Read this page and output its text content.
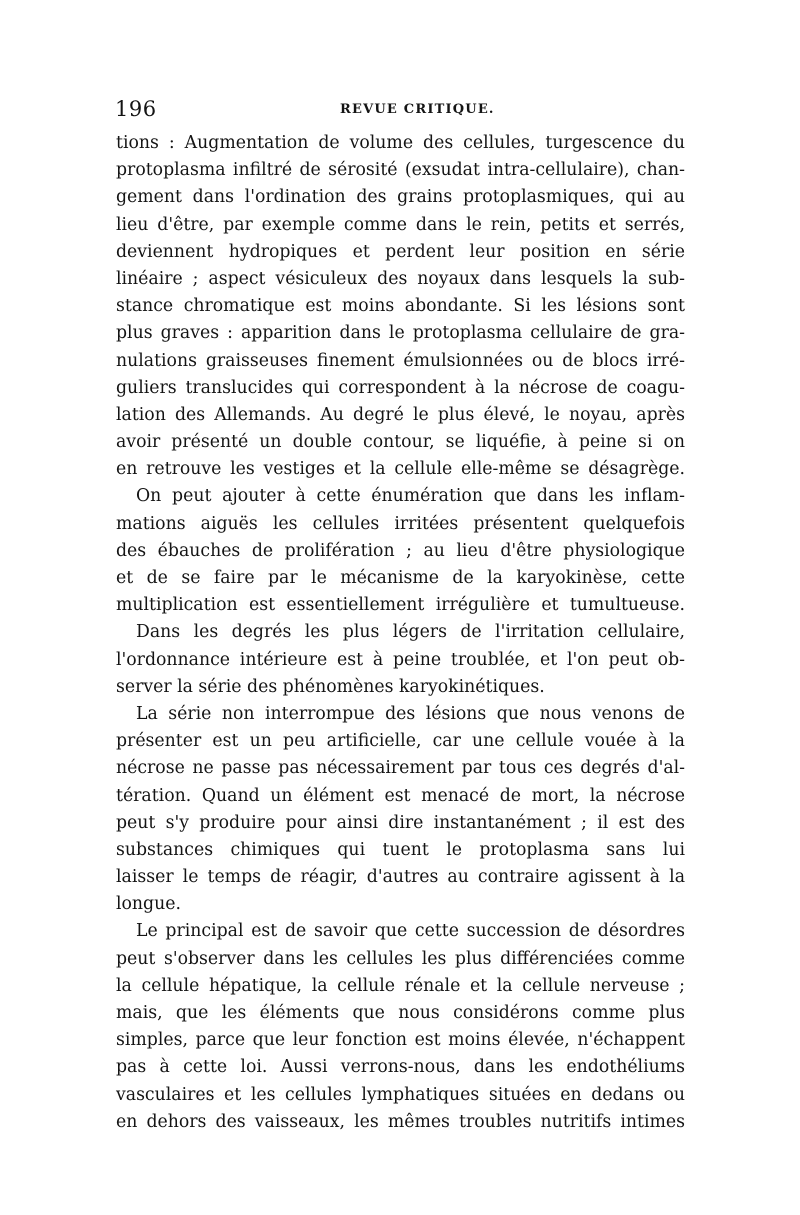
196	REVUE CRITIQUE.
tions : Augmentation de volume des cellules, turgescence du
protoplasma infiltré de sérosité (exsudat intra-cellulaire), chan-
gement dans l'ordination des grains protoplasmiques, qui au
lieu d'être, par exemple comme dans le rein, petits et serrés,
deviennent hydropiques et perdent leur position en série
linéaire ; aspect vésiculeux des noyaux dans lesquels la sub-
stance chromatique est moins abondante. Si les lésions sont
plus graves : apparition dans le protoplasma cellulaire de gra-
nulations graisseuses finement émulsionnées ou de blocs irré-
guliers translucides qui correspondent à la nécrose de coagu-
lation des Allemands. Au degré le plus élevé, le noyau, après
avoir présenté un double contour, se liquéfie, à peine si on
en retrouve les vestiges et la cellule elle-même se désagrège.
On peut ajouter à cette énumération que dans les inflam-
mations aiguës les cellules irritées présentent quelquefois
des ébauches de prolifération ; au lieu d'être physiologique
et de se faire par le mécanisme de la karyokinèse, cette
multiplication est essentiellement irrégulière et tumultueuse.
Dans les degrés les plus légers de l'irritation cellulaire,
l'ordonnance intérieure est à peine troublée, et l'on peut ob-
server la série des phénomènes karyokinétiques.
La série non interrompue des lésions que nous venons de
présenter est un peu artificielle, car une cellule vouée à la
nécrose ne passe pas nécessairement par tous ces degrés d'al-
tération. Quand un élément est menacé de mort, la nécrose
peut s'y produire pour ainsi dire instantanément ; il est des
substances chimiques qui tuent le protoplasma sans lui
laisser le temps de réagir, d'autres au contraire agissent à la
longue.
Le principal est de savoir que cette succession de désordres
peut s'observer dans les cellules les plus différenciées comme
la cellule hépatique, la cellule rénale et la cellule nerveuse ;
mais, que les éléments que nous considérons comme plus
simples, parce que leur fonction est moins élevée, n'échappent
pas à cette loi. Aussi verrons-nous, dans les endothéliums
vasculaires et les cellules lymphatiques situées en dedans ou
en dehors des vaisseaux, les mêmes troubles nutritifs intimes
